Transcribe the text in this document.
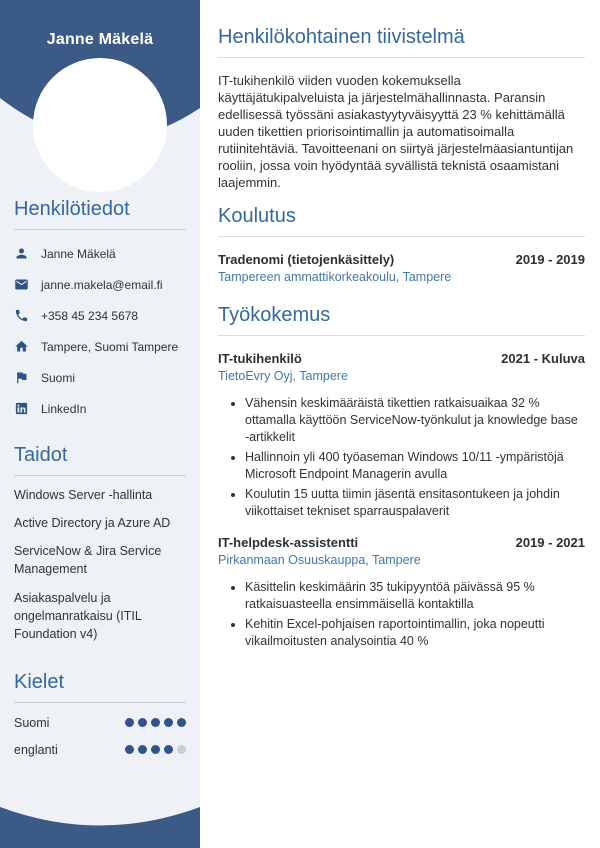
Janne Mäkelä
Henkilötiedot
Janne Mäkelä
janne.makela@email.fi
+358 45 234 5678
Tampere, Suomi Tampere
Suomi
LinkedIn
Taidot
Windows Server -hallinta
Active Directory ja Azure AD
ServiceNow & Jira Service Management
Asiakaspalvelu ja ongelmanratkaisu (ITIL Foundation v4)
Kielet
Suomi
englanti
Henkilökohtainen tiivistelmä

IT-tukihenkilö viiden vuoden kokemuksella käyttäjätukipalveluista ja järjestelmähallinnasta. Paransin edellisessä työssäni asiakastyytyväisyyttä 23 % kehittämällä uuden tikettien priorisointimallin ja automatisoimalla rutiinitehtäviä. Tavoitteenani on siirtyä järjestelmäasiantuntijan rooliin, jossa voin hyödyntää syvällistä teknistä osaamistani laajemmin.

Koulutus
Tradenomi (tietojenkäsittely)	2019 - 2019
Tampereen ammattikorkeakoulu, Tampere
Työkokemus
IT-tukihenkilö	2021 - Kuluva
TietoEvry Oyj, Tampere
• Vähensin keskimääräistä tikettien ratkaisuaikaa 32 % ottamalla käyttöön ServiceNow-työnkulut ja knowledge base -artikkelit
• Hallinnoin yli 400 työaseman Windows 10/11 -ympäristöjä Microsoft Endpoint Managerin avulla
• Koulutin 15 uutta tiimin jäsentä ensitasontukeen ja johdin viikottaiset tekniset sparrauspalaverit
IT-helpdesk-assistentti	2019 - 2021
Pirkanmaan Osuuskauppa, Tampere
• Käsittelin keskimäärin 35 tukipyyntöä päivässä 95 % ratkaisuasteella ensimmäisellä kontaktilla
• Kehitin Excel-pohjaisen raportointimallin, joka nopeutti vikailmoitusten analysointia 40 %
